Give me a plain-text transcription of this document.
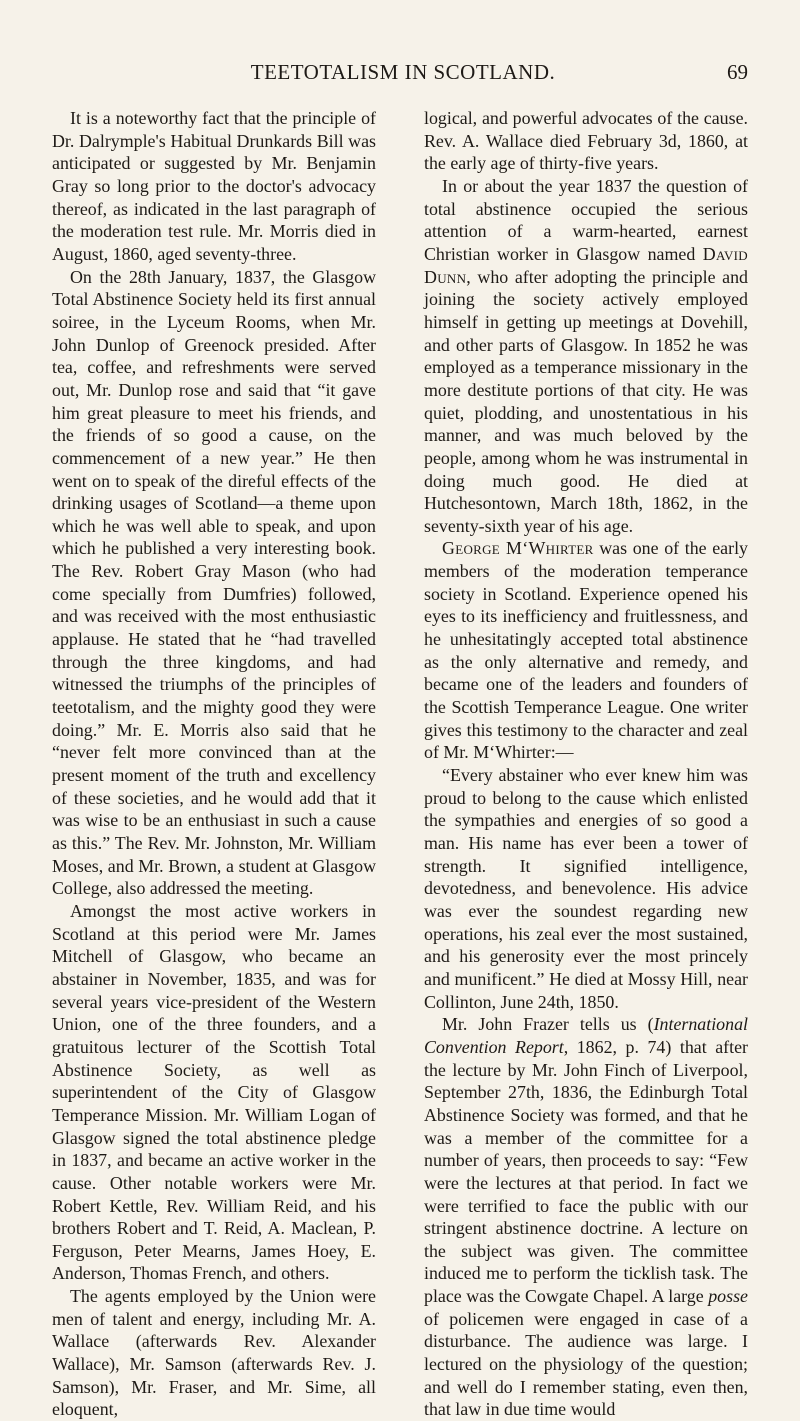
TEETOTALISM IN SCOTLAND.	69

It is a noteworthy fact that the principle of Dr. Dalrymple's Habitual Drunkards Bill was anticipated or suggested by Mr. Benjamin Gray so long prior to the doctor's advocacy thereof, as indicated in the last paragraph of the moderation test rule. Mr. Morris died in August, 1860, aged seventy-three.

On the 28th January, 1837, the Glasgow Total Abstinence Society held its first annual soiree, in the Lyceum Rooms, when Mr. John Dunlop of Greenock presided. After tea, coffee, and refreshments were served out, Mr. Dunlop rose and said that “it gave him great pleasure to meet his friends, and the friends of so good a cause, on the commencement of a new year.” He then went on to speak of the direful effects of the drinking usages of Scotland—a theme upon which he was well able to speak, and upon which he published a very interesting book. The Rev. Robert Gray Mason (who had come specially from Dumfries) followed, and was received with the most enthusiastic applause. He stated that he “had travelled through the three kingdoms, and had witnessed the triumphs of the principles of teetotalism, and the mighty good they were doing.” Mr. E. Morris also said that he “never felt more convinced than at the present moment of the truth and excellency of these societies, and he would add that it was wise to be an enthusiast in such a cause as this.” The Rev. Mr. Johnston, Mr. William Moses, and Mr. Brown, a student at Glasgow College, also addressed the meeting.

Amongst the most active workers in Scotland at this period were Mr. James Mitchell of Glasgow, who became an abstainer in November, 1835, and was for several years vice-president of the Western Union, one of the three founders, and a gratuitous lecturer of the Scottish Total Abstinence Society, as well as superintendent of the City of Glasgow Temperance Mission. Mr. William Logan of Glasgow signed the total abstinence pledge in 1837, and became an active worker in the cause. Other notable workers were Mr. Robert Kettle, Rev. William Reid, and his brothers Robert and T. Reid, A. Maclean, P. Ferguson, Peter Mearns, James Hoey, E. Anderson, Thomas French, and others.

The agents employed by the Union were men of talent and energy, including Mr. A. Wallace (afterwards Rev. Alexander Wallace), Mr. Samson (afterwards Rev. J. Samson), Mr. Fraser, and Mr. Sime, all eloquent,

logical, and powerful advocates of the cause. Rev. A. Wallace died February 3d, 1860, at the early age of thirty-five years.

In or about the year 1837 the question of total abstinence occupied the serious attention of a warm-hearted, earnest Christian worker in Glasgow named David Dunn, who after adopting the principle and joining the society actively employed himself in getting up meetings at Dovehill, and other parts of Glasgow. In 1852 he was employed as a temperance missionary in the more destitute portions of that city. He was quiet, plodding, and unostentatious in his manner, and was much beloved by the people, among whom he was instrumental in doing much good. He died at Hutchesontown, March 18th, 1862, in the seventy-sixth year of his age.

George M‘Whirter was one of the early members of the moderation temperance society in Scotland. Experience opened his eyes to its inefficiency and fruitlessness, and he unhesitatingly accepted total abstinence as the only alternative and remedy, and became one of the leaders and founders of the Scottish Temperance League. One writer gives this testimony to the character and zeal of Mr. M‘Whirter:—

“Every abstainer who ever knew him was proud to belong to the cause which enlisted the sympathies and energies of so good a man. His name has ever been a tower of strength. It signified intelligence, devotedness, and benevolence. His advice was ever the soundest regarding new operations, his zeal ever the most sustained, and his generosity ever the most princely and munificent.” He died at Mossy Hill, near Collinton, June 24th, 1850.

Mr. John Frazer tells us (International Convention Report, 1862, p. 74) that after the lecture by Mr. John Finch of Liverpool, September 27th, 1836, the Edinburgh Total Abstinence Society was formed, and that he was a member of the committee for a number of years, then proceeds to say: “Few were the lectures at that period. In fact we were terrified to face the public with our stringent abstinence doctrine. A lecture on the subject was given. The committee induced me to perform the ticklish task. The place was the Cowgate Chapel. A large posse of policemen were engaged in case of a disturbance. The audience was large. I lectured on the physiology of the question; and well do I remember stating, even then, that law in due time would
